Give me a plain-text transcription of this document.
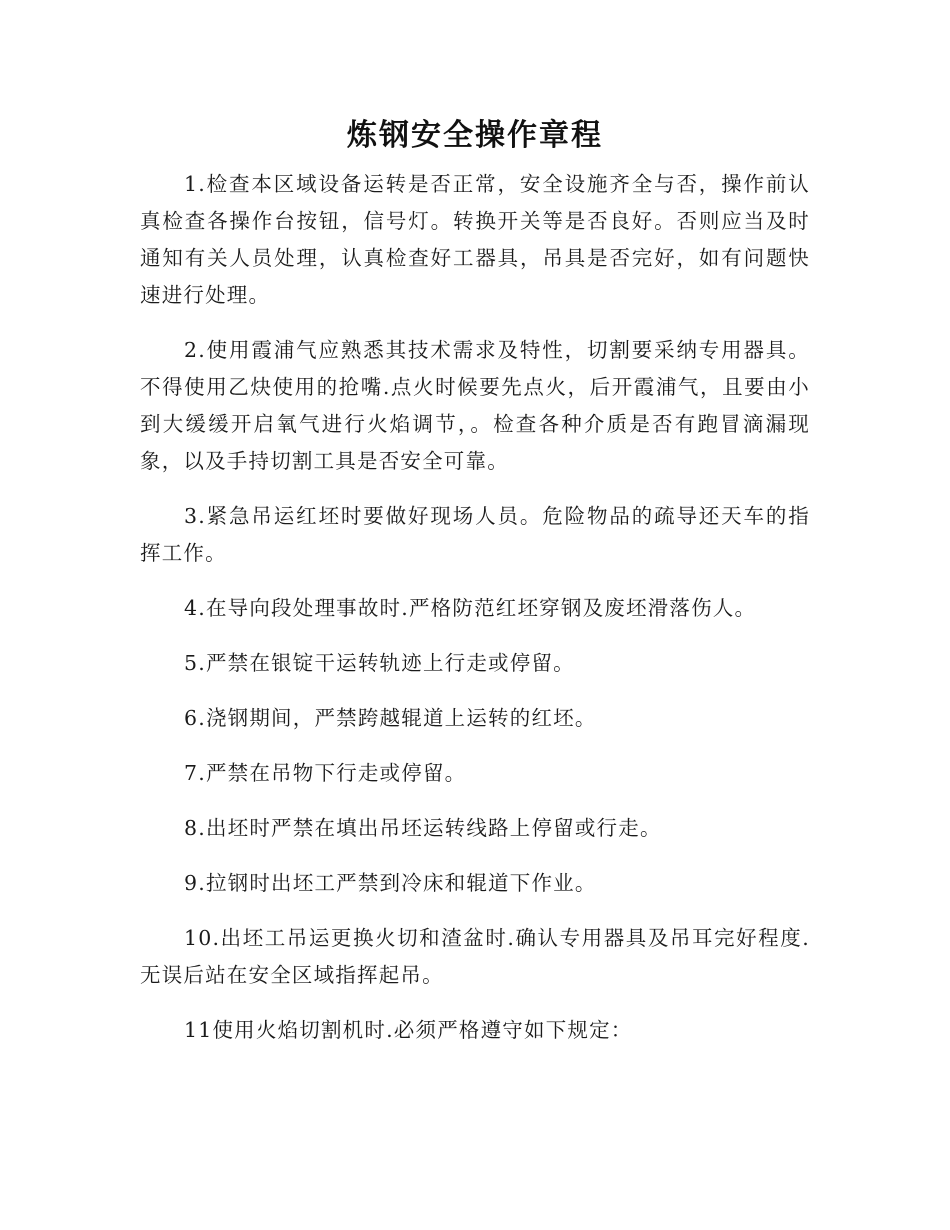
炼钢安全操作章程

1.检查本区域设备运转是否正常，安全设施齐全与否，操作前认真检查各操作台按钮，信号灯。转换开关等是否良好。否则应当及时通知有关人员处理，认真检查好工器具，吊具是否完好，如有问题快速进行处理。

2.使用霞浦气应熟悉其技术需求及特性，切割要采纳专用器具。不得使用乙炔使用的抢嘴.点火时候要先点火，后开霞浦气，且要由小到大缓缓开启氧气进行火焰调节，。检查各种介质是否有跑冒滴漏现象，以及手持切割工具是否安全可靠。

3.紧急吊运红坯时要做好现场人员。危险物品的疏导还天车的指挥工作。

4.在导向段处理事故时.严格防范红坯穿钢及废坯滑落伤人。

5.严禁在银锭干运转轨迹上行走或停留。

6.浇钢期间，严禁跨越辊道上运转的红坯。

7.严禁在吊物下行走或停留。

8.出坯时严禁在填出吊坯运转线路上停留或行走。

9.拉钢时出坯工严禁到冷床和辊道下作业。

10.出坯工吊运更换火切和渣盆时.确认专用器具及吊耳完好程度.无误后站在安全区域指挥起吊。

11使用火焰切割机时.必须严格遵守如下规定：
